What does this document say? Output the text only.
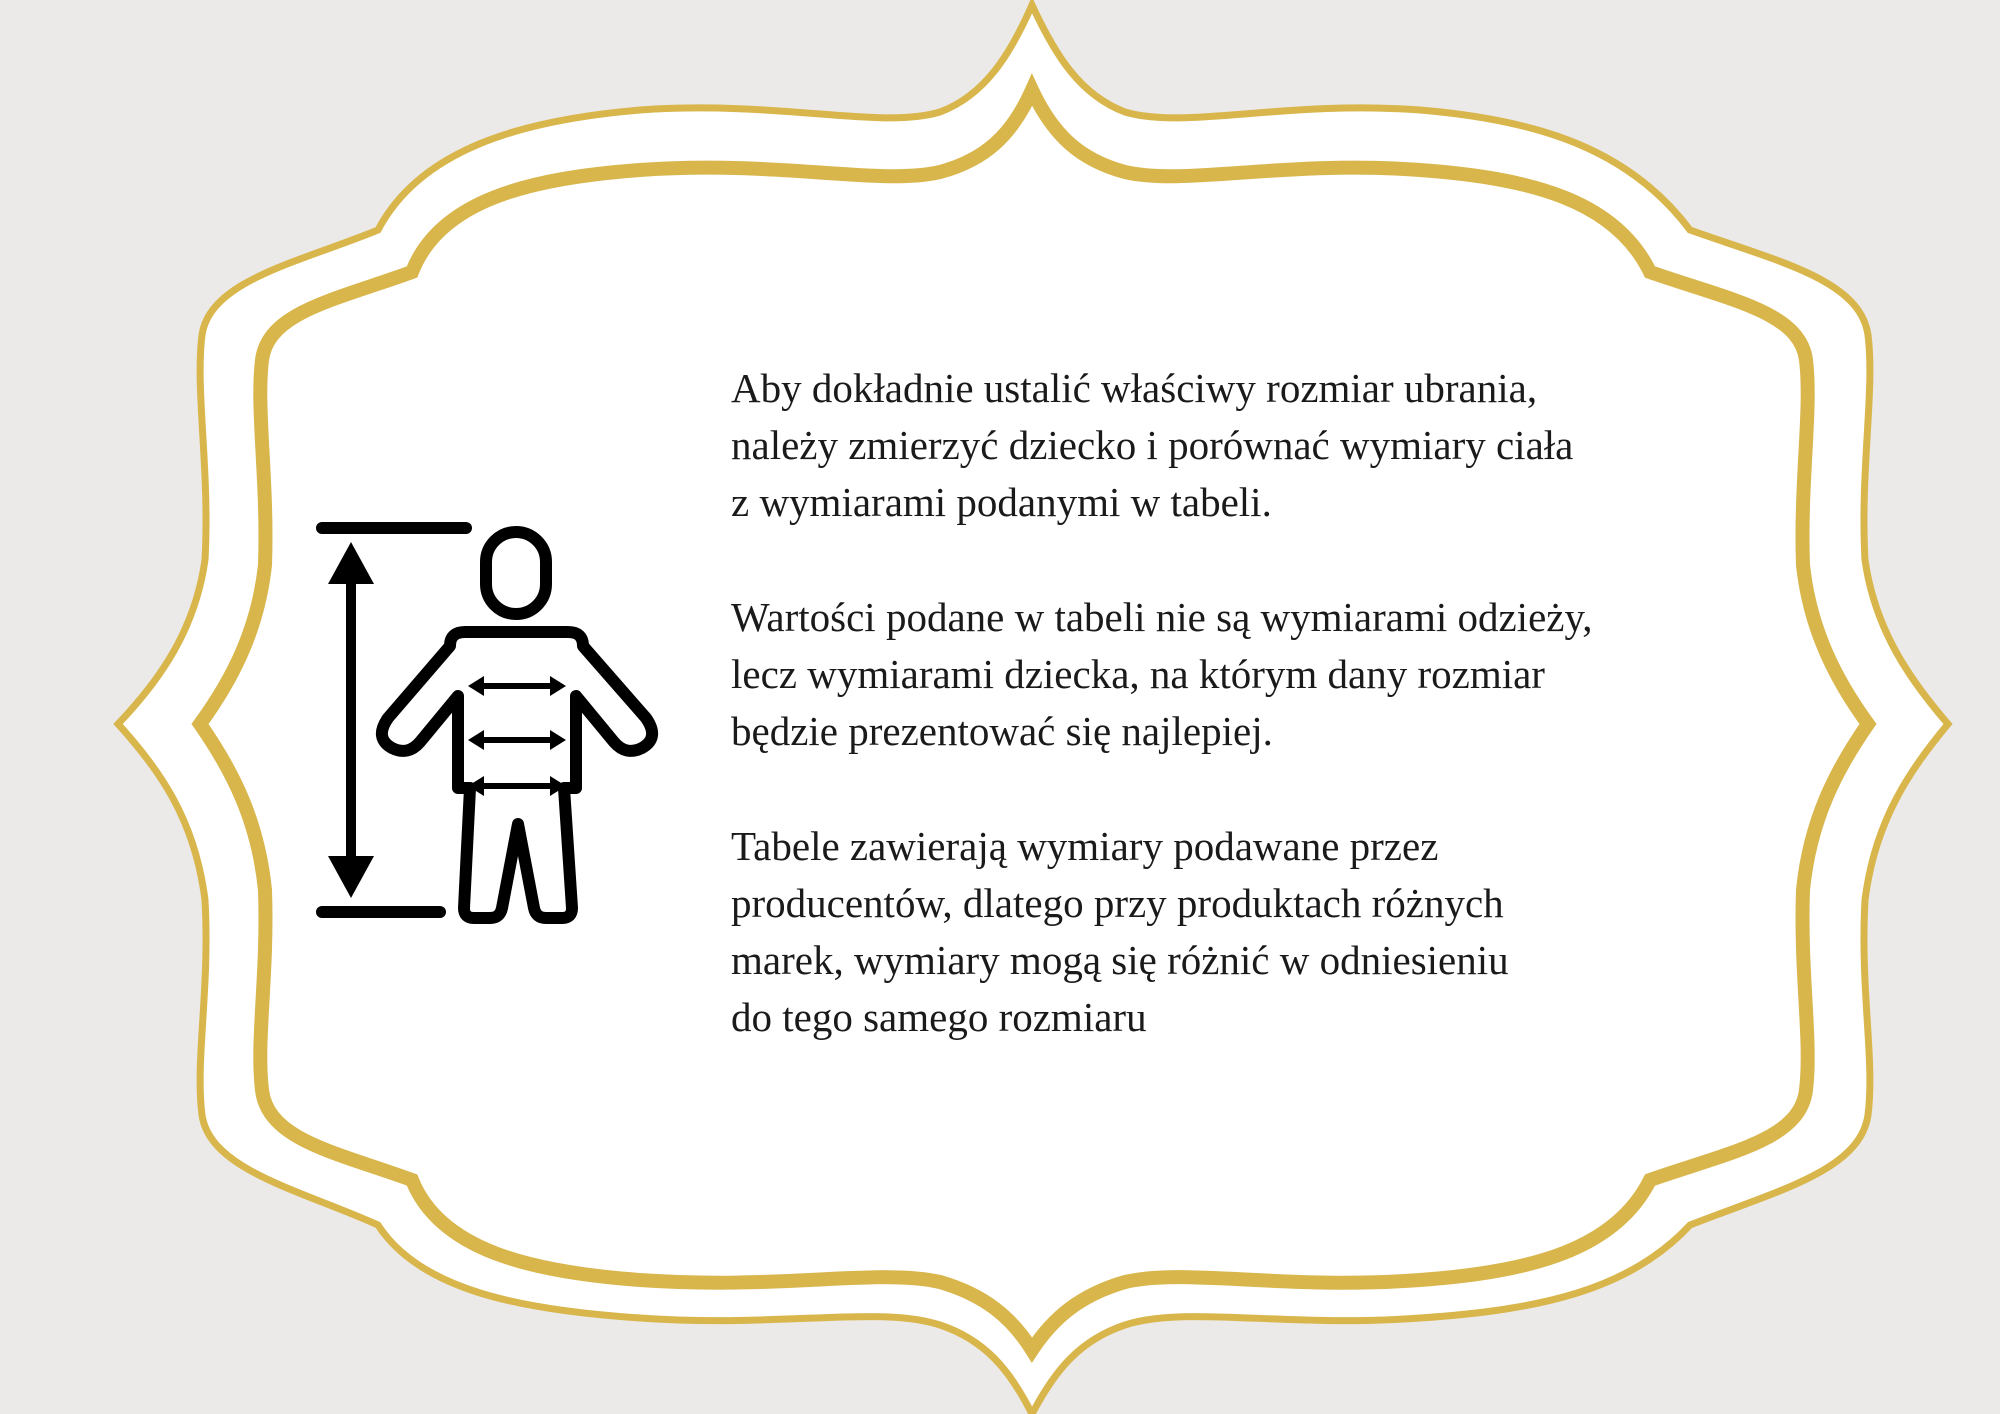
Aby dokładnie ustalić właściwy rozmiar ubrania,
należy zmierzyć dziecko i porównać wymiary ciała
z wymiarami podanymi w tabeli.

Wartości podane w tabeli nie są wymiarami odzieży,
lecz wymiarami dziecka, na którym dany rozmiar
będzie prezentować się najlepiej.

Tabele zawierają wymiary podawane przez
producentów, dlatego przy produktach różnych
marek, wymiary mogą się różnić w odniesieniu
do tego samego rozmiaru
